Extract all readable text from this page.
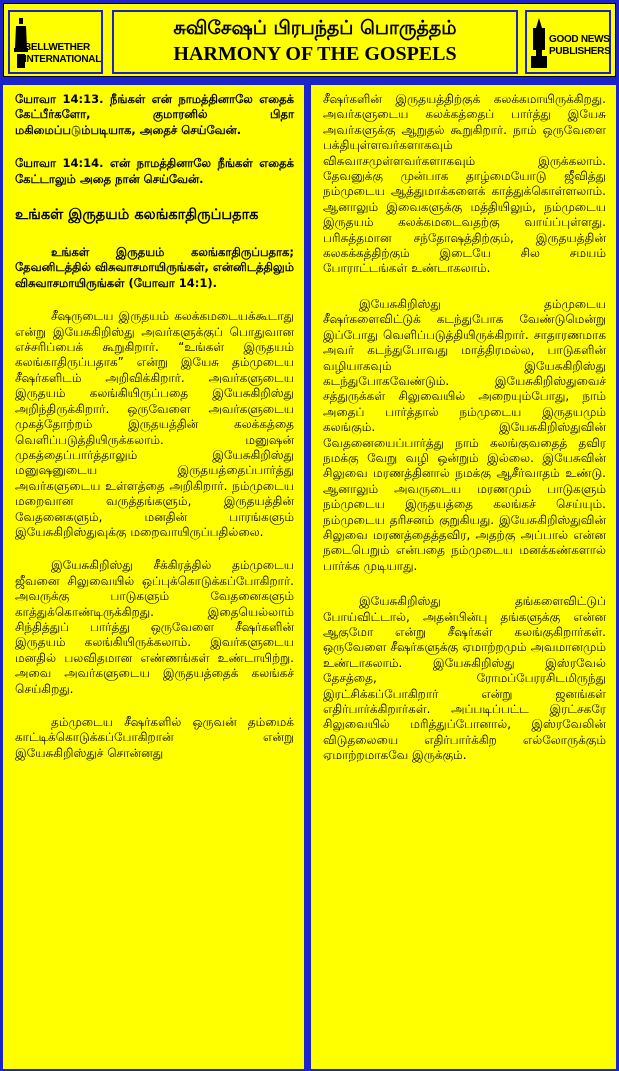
BELLWETHER INTERNATIONAL
சுவிசேஷப் பிரபந்தப் பொருத்தம்
HARMONY OF THE GOSPELS
GOOD NEWS PUBLISHERS

யோவா 14:13. நீங்கள் என் நாமத்தினாலே எதைக் கேட்பீர்களோ, குமாரனில் பிதா மகிமைப்படும்படியாக, அதைச் செய்வேன்.

யோவா 14:14. என் நாமத்தினாலே நீங்கள் எதைக் கேட்டாலும் அதை நான் செய்வேன்.

உங்கள் இருதயம் கலங்காதிருப்பதாக

உங்கள் இருதயம் கலங்காதிருப்பதாக; தேவனிடத்தில் விசுவாசமாயிருங்கள், என்னிடத்திலும் விசுவாசமாயிருங்கள் (யோவா 14:1).

சீஷருடைய இருதயம் கலக்கமடையக்கூடாது என்று இயேசுகிறிஸ்து அவர்களுக்குப் பொதுவான எச்சரிப்பைக் கூறுகிறார். “உங்கள் இருதயம் கலங்காதிருப்பதாக” என்று இயேசு தம்முடைய சீஷர்களிடம் அறிவிக்கிறார். அவர்களுடைய இருதயம் கலங்கியிருப்பதை இயேசுகிறிஸ்து அறிந்திருக்கிறார். ஒருவேளை அவர்களுடைய முகத்தோற்றம் இருதயத்தின் கலக்கத்தை வெளிப்படுத்தியிருக்கலாம். மனுஷன் முகத்தைப்பார்த்தாலும் இயேசுகிறிஸ்து மனுஷனுடைய இருதயத்தைப்பார்த்து அவர்களுடைய உள்ளத்தை அறிகிறார். நம்முடைய மறைவான வருத்தங்களும், இருதயத்தின் வேதனைகளும், மனதின் பாரங்களும் இயேசுகிறிஸ்துவுக்கு மறைவாயிருப்பதில்லை.

இயேசுகிறிஸ்து சீக்கிரத்தில் தம்முடைய ஜீவனை சிலுவையில் ஒப்புக்கொடுக்கப்போகிறார். அவருக்கு பாடுகளும் வேதனைகளும் காத்துக்கொண்டிருக்கிறது. இதையெல்லாம் சிந்தித்துப் பார்த்து ஒருவேளை சீஷர்களின் இருதயம் கலங்கியிருக்கலாம். இவர்களுடைய மனதில் பலவிதமான எண்ணங்கள் உண்டாயிற்று. அவை அவர்களுடைய இருதயத்தைக் கலங்கச் செய்கிறது.

தம்முடைய சீஷர்களில் ஒருவன் தம்மைக் காட்டிக்கொடுக்கப்போகிறான் என்று இயேசுகிறிஸ்துச் சொன்னது

சீஷர்களின் இருதயத்திற்குக் கலக்கமாயிருக்கிறது. அவர்களுடைய கலக்கத்தைப் பார்த்து இயேசு அவர்களுக்கு ஆறுதல் கூறுகிறார். நாம் ஒருவேளை பக்தியுள்ளவர்களாகவும் விசுவாசமுள்ளவர்களாகவும் இருக்கலாம். தேவனுக்கு முன்பாக தாழ்மையோடு ஜீவித்து நம்முடைய ஆத்துமாக்களைக் காத்துக்கொள்ளலாம். ஆனாலும் இவைகளுக்கு மத்தியிலும், நம்முடைய இருதயம் கலக்கமடைவதற்கு வாய்ப்புள்ளது. பரிசுத்தமான சந்தோஷத்திற்கும், இருதயத்தின் கலகக்கத்திற்கும் இடையே சில சமயம் போராட்டங்கள் உண்டாகலாம்.

இயேசுகிறிஸ்து தம்முடைய சீஷர்களைவிட்டுக் கடந்துபோக வேண்டுமென்று இப்போது வெளிப்படுத்தியிருக்கிறார். சாதாரணமாக அவர் கடந்துபோவது மாத்திரமல்ல, பாடுகளின் வழியாகவும் இயேசுகிறிஸ்து கடந்துபோகவேண்டும். இயேசுகிறிஸ்துவைச் சத்துருக்கள் சிலுவையில் அறையும்போது, நாம் அதைப் பார்த்தால் நம்முடைய இருதயமும் கலங்கும். இயேசுகிறிஸ்துவின் வேதனையைப்பார்த்து நாம் கலங்குவதைத் தவிர நமக்கு வேறு வழி ஒன்றும் இல்லை. இயேசுவின் சிலுவை மரணத்தினால் நமக்கு ஆசீர்வாதம் உண்டு. ஆனாலும் அவருடைய மரணமும் பாடுகளும் நம்முடைய இருதயத்தை கலங்கச் செய்யும். நம்முடைய தரிசனம் குறுகியது. இயேசுகிறிஸ்துவின் சிலுவை மரணத்தைத்தவிர, அதற்கு அப்பால் என்ன நடைபெறும் என்பதை நம்முடைய மனக்கண்களால் பார்க்க முடியாது.

இயேசுகிறிஸ்து தங்களைவிட்டுப் போய்விட்டால், அதன்பின்பு தங்களுக்கு என்ன ஆகுமோ என்று சீஷர்கள் கலங்குகிறார்கள். ஒருவேளை சீஷர்களுக்கு ஏமாற்றமும் அவமானமும் உண்டாகலாம். இயேசுகிறிஸ்து இஸ்ரவேல் தேசத்தை, ரோமப்பேரரசிடமிருந்து இரட்சிக்கப்போகிறார் என்று ஜனங்கள் எதிர்பார்க்கிறார்கள். அப்படிப்பட்ட இரட்சகரே சிலுவையில் மரித்துப்போனால், இஸ்ரவேலின் விடுதலையை எதிர்பார்க்கிற எல்லோருக்கும் ஏமாற்றமாகவே இருக்கும்.
